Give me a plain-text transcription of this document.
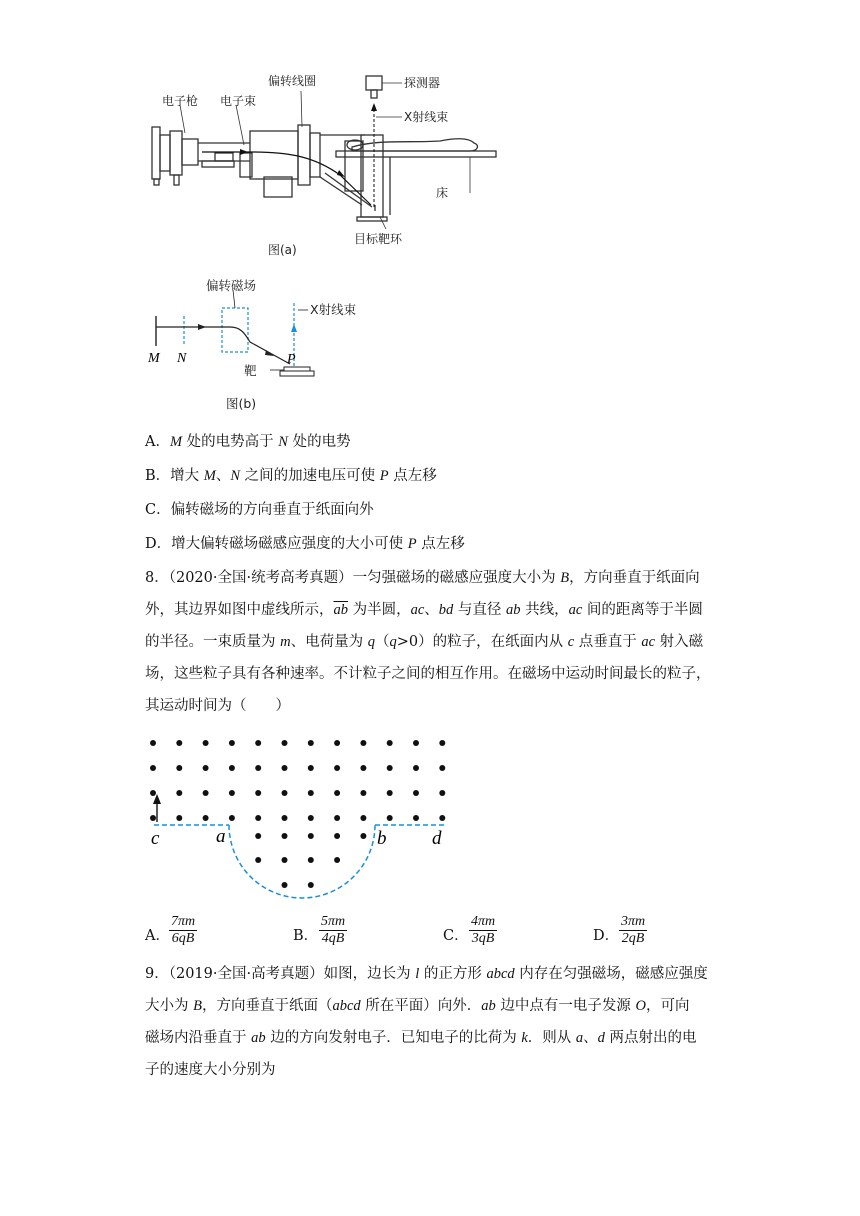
电子枪 电子束
偏转线圈	探测器
X射线束
床
目标靶环
图(a)
偏转磁场
X射线束
M N	P
靶
图(b)
A．M 处的电势高于 N 处的电势
B．增大 M、N 之间的加速电压可使 P 点左移
C．偏转磁场的方向垂直于纸面向外
D．增大偏转磁场磁感应强度的大小可使 P 点左移

8．（2020·全国·统考高考真题）一匀强磁场的磁感应强度大小为 B，方向垂直于纸面向

外，其边界如图中虚线所示，$\overline{ab}$ 为半圆，ac、bd 与直径 ab 共线，ac 间的距离等于半圆

的半径。一束质量为 m、电荷量为 q（q>0）的粒子，在纸面内从 c 点垂直于 ac 射入磁

场，这些粒子具有各种速率。不计粒子之间的相互作用。在磁场中运动时间最长的粒子，

其运动时间为（　　）

c	a	b d
A． $\frac{7\pi m}{6qB}$	B． $\frac{5\pi m}{4qB}$	C． $\frac{4\pi m}{3qB}$	D． $\frac{3\pi m}{2qB}$

9．（2019·全国·高考真题）如图，边长为 l 的正方形 abcd 内存在匀强磁场，磁感应强度

大小为 B，方向垂直于纸面（abcd 所在平面）向外．ab 边中点有一电子发源 O，可向

磁场内沿垂直于 ab 边的方向发射电子．已知电子的比荷为 k．则从 a、d 两点射出的电

子的速度大小分别为
